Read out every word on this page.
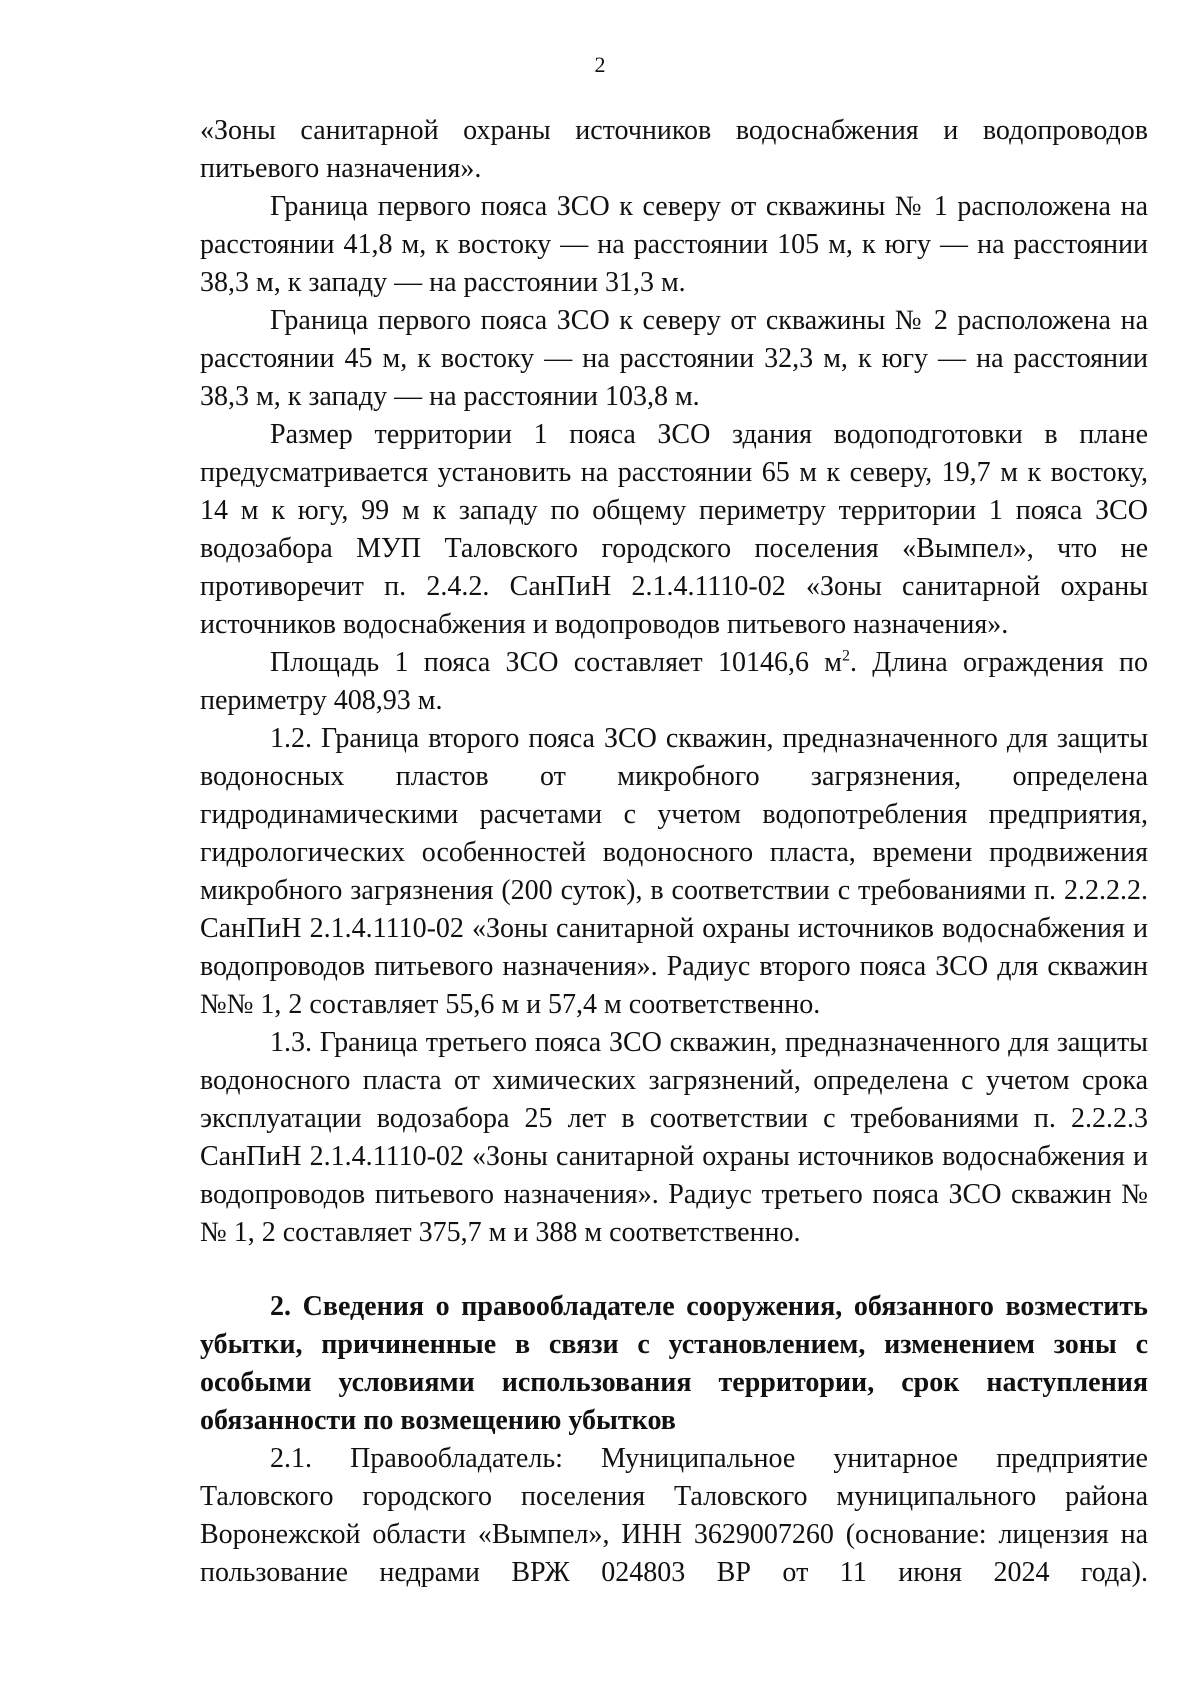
2

«Зоны санитарной охраны источников водоснабжения и водопроводов питьевого назначения».

Граница первого пояса ЗСО к северу от скважины № 1 расположена на расстоянии 41,8 м, к востоку — на расстоянии 105 м, к югу — на расстоянии 38,3 м, к западу — на расстоянии 31,3 м.

Граница первого пояса ЗСО к северу от скважины № 2 расположена на расстоянии 45 м, к востоку — на расстоянии 32,3 м, к югу — на расстоянии 38,3 м, к западу — на расстоянии 103,8 м.

Размер территории 1 пояса ЗСО здания водоподготовки в плане предусматривается установить на расстоянии 65 м к северу, 19,7 м к востоку, 14 м к югу, 99 м к западу по общему периметру территории 1 пояса ЗСО водозабора МУП Таловского городского поселения «Вымпел», что не противоречит п. 2.4.2. СанПиН 2.1.4.1110-02 «Зоны санитарной охраны источников водоснабжения и водопроводов питьевого назначения».

Площадь 1 пояса ЗСО составляет 10146,6 $м^2$. Длина ограждения по периметру 408,93 м.

1.2. Граница второго пояса ЗСО скважин, предназначенного для защиты водоносных пластов от микробного загрязнения, определена гидродинамическими расчетами с учетом водопотребления предприятия, гидрологических особенностей водоносного пласта, времени продвижения микробного загрязнения (200 суток), в соответствии с требованиями п. 2.2.2.2. СанПиН 2.1.4.1110-02 «Зоны санитарной охраны источников водоснабжения и водопроводов питьевого назначения». Радиус второго пояса ЗСО для скважин №№ 1, 2 составляет 55,6 м и 57,4 м соответственно.

1.3. Граница третьего пояса ЗСО скважин, предназначенного для защиты водоносного пласта от химических загрязнений, определена с учетом срока эксплуатации водозабора 25 лет в соответствии с требованиями п. 2.2.2.3 СанПиН 2.1.4.1110-02 «Зоны санитарной охраны источников водоснабжения и водопроводов питьевого назначения». Радиус третьего пояса ЗСО скважин №№ 1, 2 составляет 375,7 м и 388 м соответственно.

2. Сведения о правообладателе сооружения, обязанного возместить убытки, причиненные в связи с установлением, изменением зоны с особыми условиями использования территории, срок наступления обязанности по возмещению убытков

2.1. Правообладатель: Муниципальное унитарное предприятие Таловского городского поселения Таловского муниципального района Воронежской области «Вымпел», ИНН 3629007260 (основание: лицензия на пользование недрами ВРЖ 024803 ВР от 11 июня 2024 года).
